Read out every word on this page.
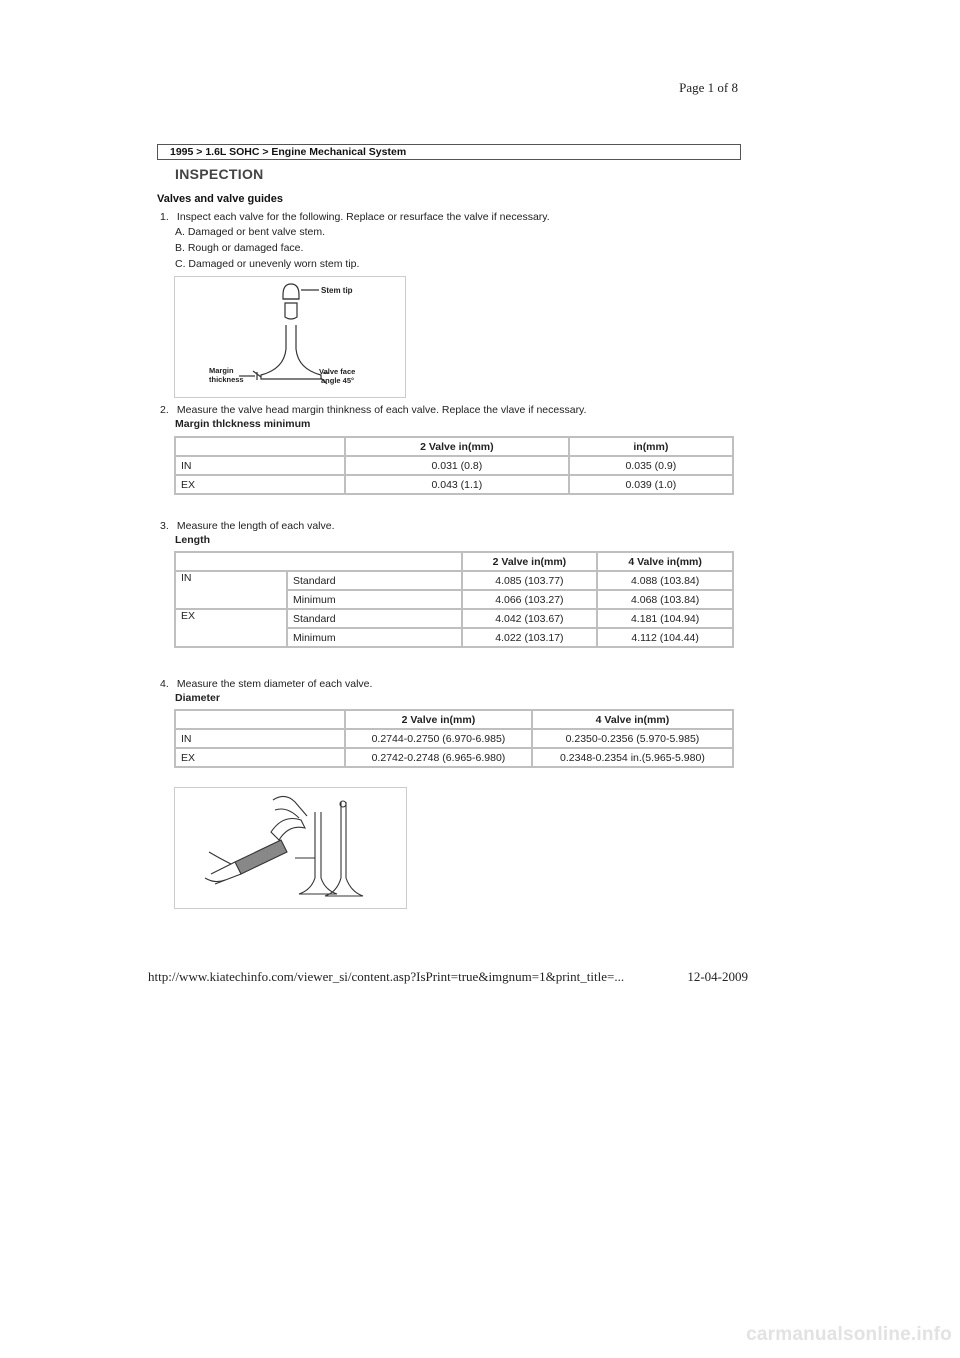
Page 1 of 8
1995 > 1.6L SOHC > Engine Mechanical System
INSPECTION
Valves and valve guides
1. Inspect each valve for the following. Replace or resurface the valve if necessary.
A. Damaged or bent valve stem.
B. Rough or damaged face.
C. Damaged or unevenly worn stem tip.
Stem tip
Margin
thickness
Valve face
angle 45°
2. Measure the valve head margin thinkness of each valve. Replace the vlave if necessary.
Margin thlckness minimum
	2 Valve in(mm)	in(mm)
IN	0.031 (0.8)	0.035 (0.9)
EX	0.043 (1.1)	0.039 (1.0)
3. Measure the length of each valve.
Length
		2 Valve in(mm)	4 Valve in(mm)
IN	Standard	4.085 (103.77)	4.088 (103.84)
	Minimum	4.066 (103.27)	4.068 (103.84)
EX	Standard	4.042 (103.67)	4.181 (104.94)
	Minimum	4.022 (103.17)	4.112 (104.44)
4. Measure the stem diameter of each valve.
Diameter
	2 Valve in(mm)	4 Valve in(mm)
IN	0.2744-0.2750 (6.970-6.985)	0.2350-0.2356 (5.970-5.985)
EX	0.2742-0.2748 (6.965-6.980)	0.2348-0.2354 in.(5.965-5.980)
http://www.kiatechinfo.com/viewer_si/content.asp?IsPrint=true&imgnum=1&print_title=...	12-04-2009
carmanualsonline.info
